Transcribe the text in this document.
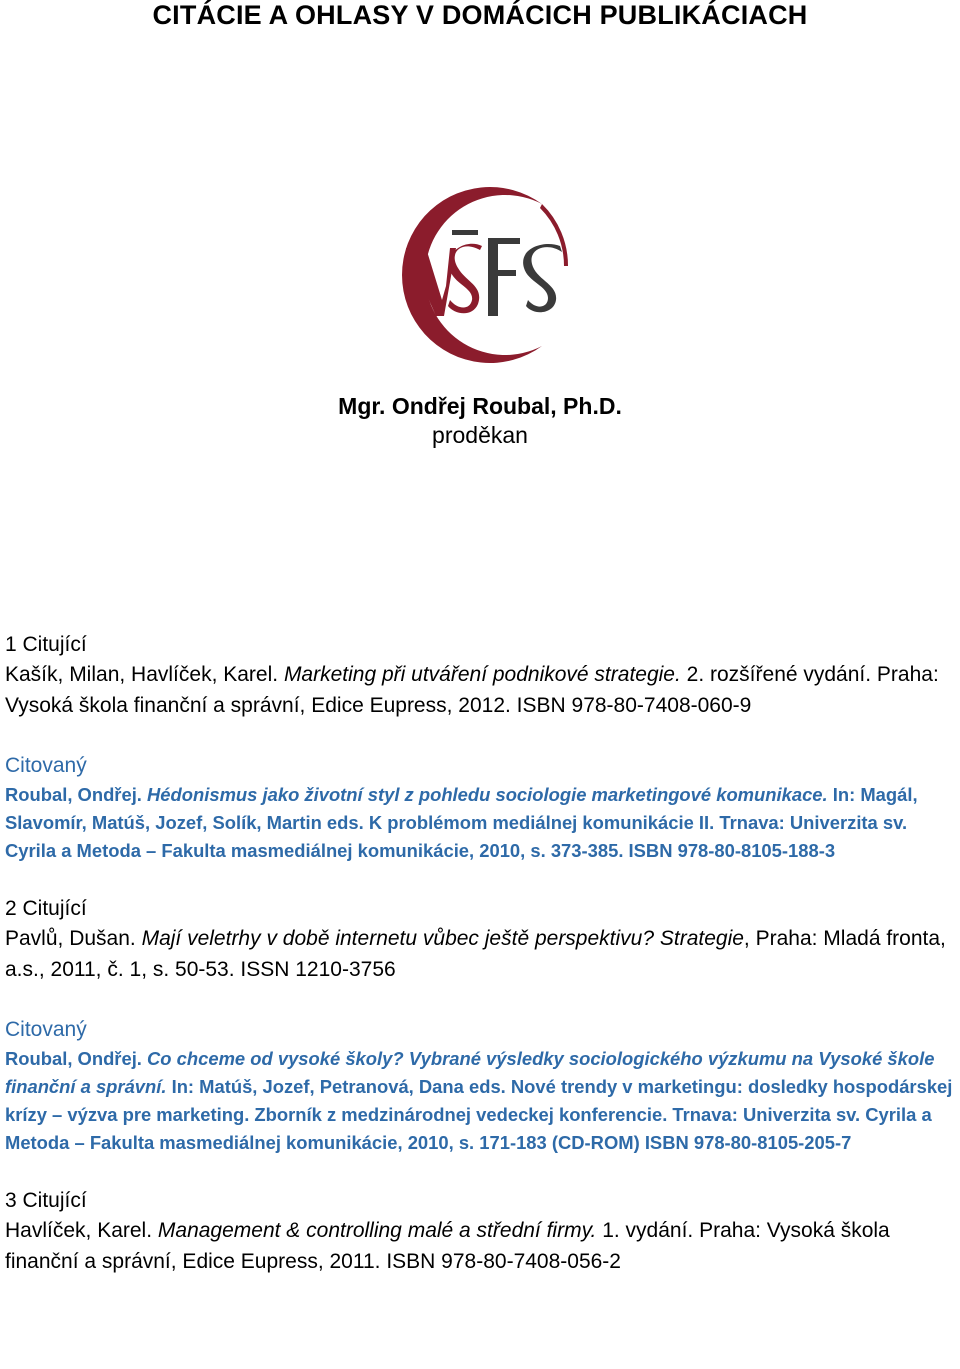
CITÁCIE A OHLASY V DOMÁCICH PUBLIKÁCIACH
Mgr. Ondřej Roubal, Ph.D.
proděkan
1 Citující
Kašík, Milan, Havlíček, Karel. Marketing při utváření podnikové strategie. 2. rozšířené vydání. Praha: Vysoká škola finanční a správní, Edice Eupress, 2012. ISBN 978-80-7408-060-9
Citovaný
Roubal, Ondřej. Hédonismus jako životní styl z pohledu sociologie marketingové komunikace. In: Magál, Slavomír, Matúš, Jozef, Solík, Martin eds. K problémom mediálnej komunikácie II. Trnava: Univerzita sv. Cyrila a Metoda – Fakulta masmediálnej komunikácie, 2010, s. 373-385. ISBN 978-80-8105-188-3
2 Citující
Pavlů, Dušan. Mají veletrhy v době internetu vůbec ještě perspektivu? Strategie, Praha: Mladá fronta, a.s., 2011, č. 1, s. 50-53. ISSN 1210-3756
Citovaný
Roubal, Ondřej. Co chceme od vysoké školy? Vybrané výsledky sociologického výzkumu na Vysoké škole finanční a správní. In: Matúš, Jozef, Petranová, Dana eds. Nové trendy v marketingu: dosledky hospodárskej krízy – výzva pre marketing. Zborník z medzinárodnej vedeckej konferencie. Trnava: Univerzita sv. Cyrila a Metoda – Fakulta masmediálnej komunikácie, 2010, s. 171-183 (CD-ROM) ISBN 978-80-8105-205-7
3 Citující
Havlíček, Karel. Management & controlling malé a střední firmy. 1. vydání. Praha: Vysoká škola finanční a správní, Edice Eupress, 2011. ISBN 978-80-7408-056-2
